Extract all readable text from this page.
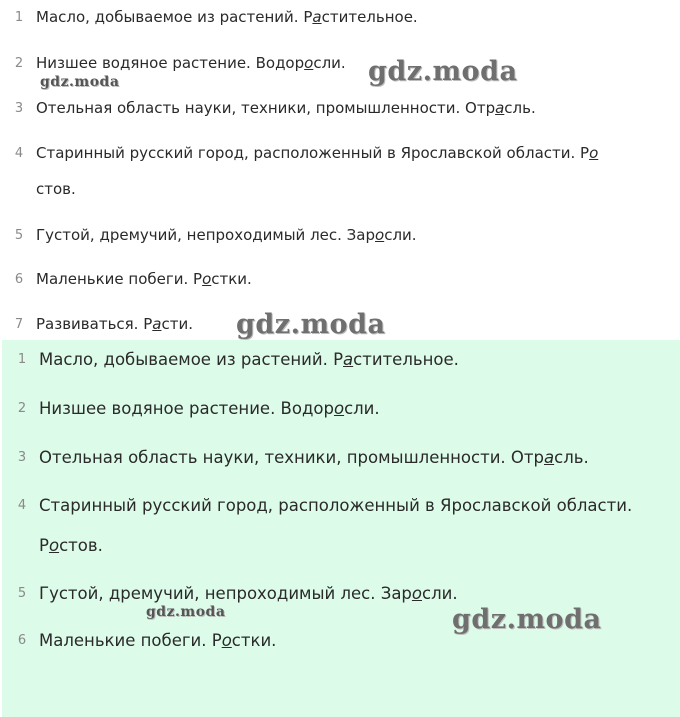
1 Масло, добываемое из растений. Растительное.
2 Низшее водяное растение. Водоросли.
3 Отельная область науки, техники, промышленности. Отрасль.
4 Старинный русский город, расположенный в Ярославской области. Ро
стов.
5 Густой, дремучий, непроходимый лес. Заросли.
6 Маленькие побеги. Ростки.
7 Развиваться. Расти.
1 Масло, добываемое из растений. Растительное.
2 Низшее водяное растение. Водоросли.
3 Отельная область науки, техники, промышленности. Отрасль.
4 Старинный русский город, расположенный в Ярославской области.
Ростов.
5 Густой, дремучий, непроходимый лес. Заросли.
6 Маленькие побеги. Ростки.
gdz.moda
gdz.moda
gdz.moda
gdz.moda	gdz.moda
